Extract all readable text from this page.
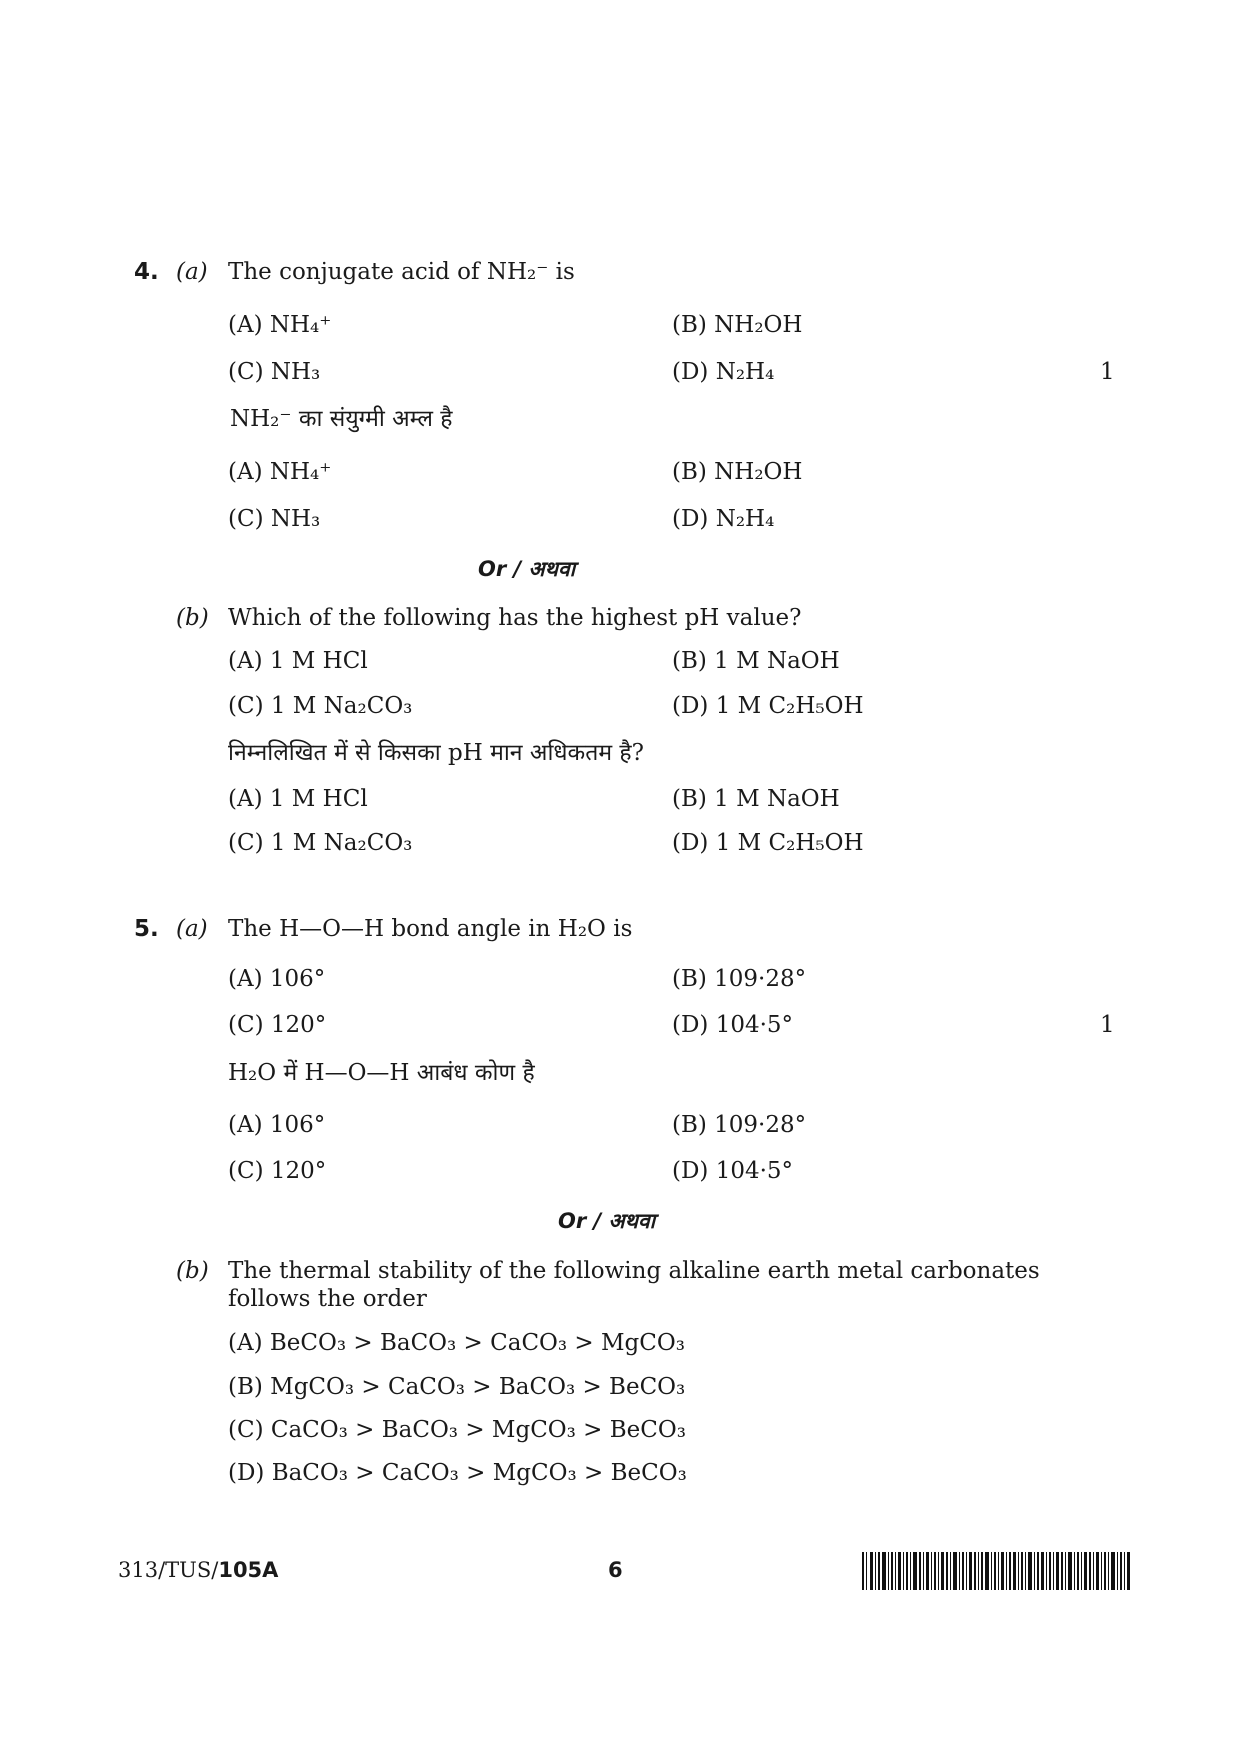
4. (a) The conjugate acid of NH₂⁻ is
(A) NH₄⁺	(B) NH₂OH
(C) NH₃	(D) N₂H₄	1
NH₂⁻ का संयुग्मी अम्ल है
(A) NH₄⁺	(B) NH₂OH
(C) NH₃	(D) N₂H₄
Or / अथवा
(b) Which of the following has the highest pH value?
(A) 1 M HCl	(B) 1 M NaOH
(C) 1 M Na₂CO₃	(D) 1 M C₂H₅OH
निम्नलिखित में से किसका pH मान अधिकतम है?
(A) 1 M HCl	(B) 1 M NaOH
(C) 1 M Na₂CO₃	(D) 1 M C₂H₅OH
5. (a) The H—O—H bond angle in H₂O is
(A) 106°	(B) 109·28°
(C) 120°	(D) 104·5°	1
H₂O में H—O—H आबंध कोण है
(A) 106°	(B) 109·28°
(C) 120°	(D) 104·5°
Or / अथवा
(b) The thermal stability of the following alkaline earth metal carbonates
follows the order
(A) BeCO₃ > BaCO₃ > CaCO₃ > MgCO₃
(B) MgCO₃ > CaCO₃ > BaCO₃ > BeCO₃
(C) CaCO₃ > BaCO₃ > MgCO₃ > BeCO₃
(D) BaCO₃ > CaCO₃ > MgCO₃ > BeCO₃
313/TUS/105A	6
